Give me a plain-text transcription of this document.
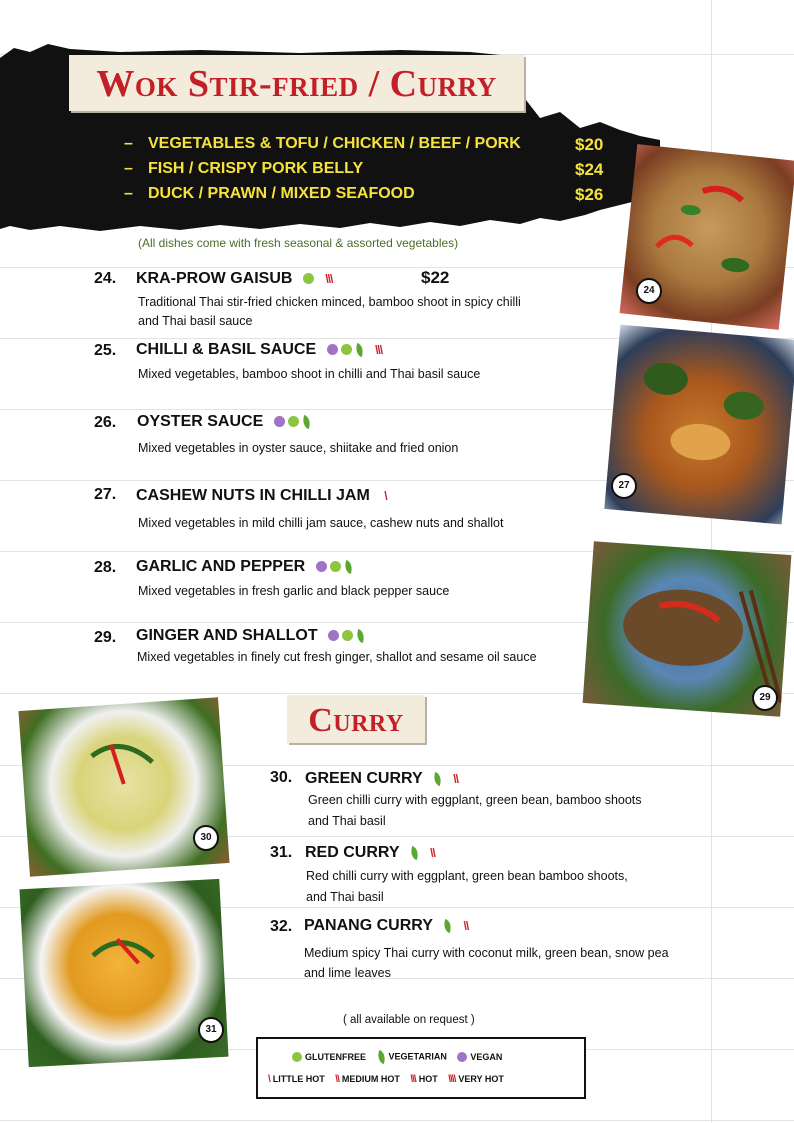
Wok Stir-fried / Curry
– VEGETABLES & TOFU / CHICKEN / BEEF / PORK	$20
– FISH / CRISPY PORK BELLY	$24
– DUCK / PRAWN / MIXED SEAFOOD	$26
(All dishes come with fresh seasonal & assorted vegetables)
24
27
29
30
31
24. KRA-PROW GAISUB	\\\	$22
Traditional Thai stir-fried chicken minced, bamboo shoot in spicy chilli
and Thai basil sauce
25. CHILLI & BASIL SAUCE	\\\
Mixed vegetables, bamboo shoot in chilli and Thai basil sauce
26. OYSTER SAUCE
Mixed vegetables in oyster sauce, shiitake and fried onion
27. CASHEW NUTS IN CHILLI JAM \
Mixed vegetables in mild chilli jam sauce, cashew nuts and shallot
28. GARLIC AND PEPPER
Mixed vegetables in fresh garlic and black pepper sauce
29. GINGER AND SHALLOT
Mixed vegetables in finely cut fresh ginger, shallot and sesame oil sauce
Curry
30. GREEN CURRY	\\
Green chilli curry with eggplant, green bean, bamboo shoots
and Thai basil
31. RED CURRY	\\
Red chilli curry with eggplant, green bean bamboo shoots,
and Thai basil
32. PANANG CURRY	\\
Medium spicy Thai curry with coconut milk, green bean, snow pea
and lime leaves
( all available on request )
GLUTENFREE	VEGETARIAN	VEGAN
\ LITTLE HOT \\ MEDIUM HOT \\\ HOT \\\\ VERY HOT
